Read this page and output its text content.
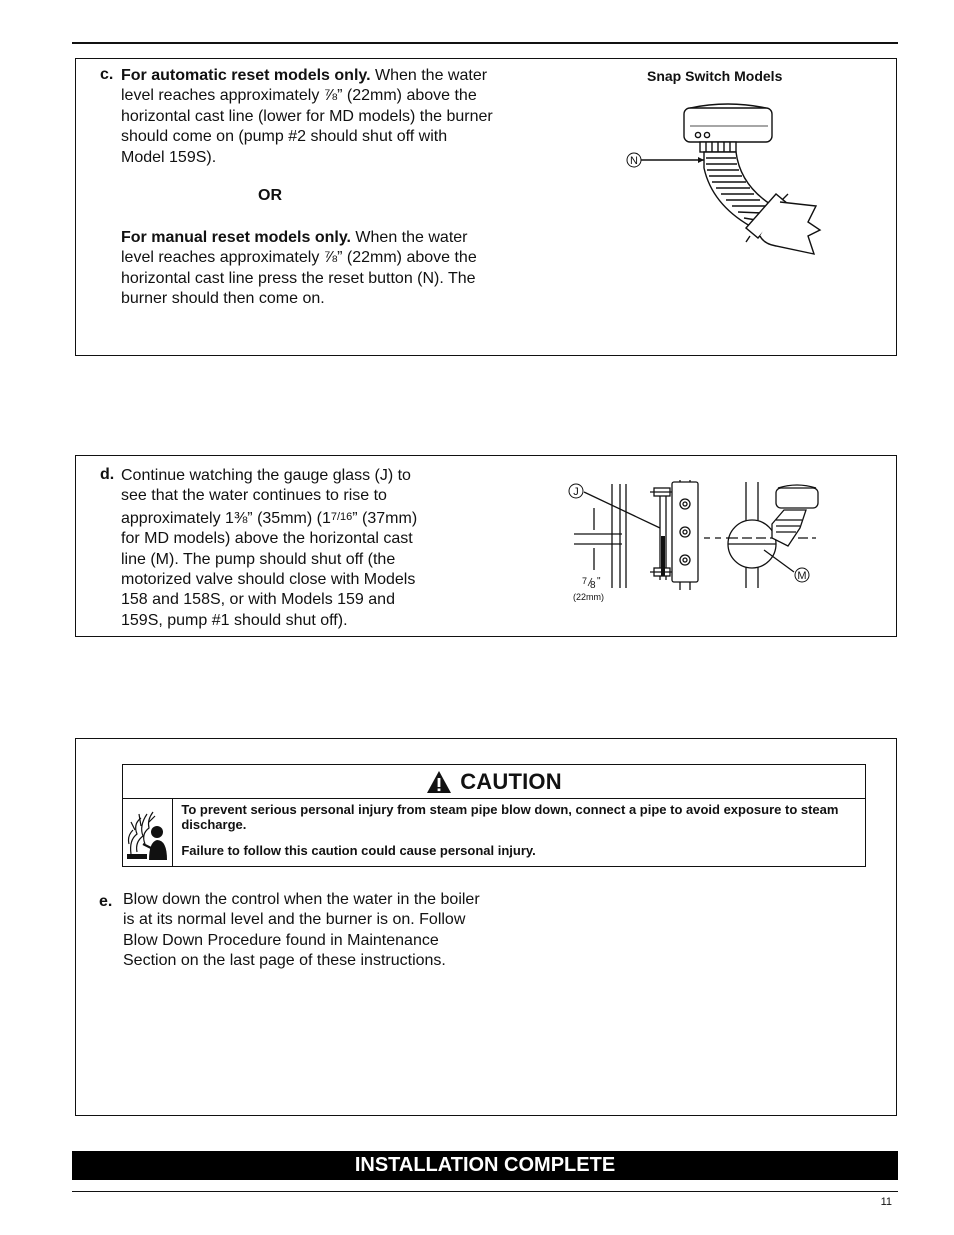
c. For automatic reset models only. When the water
level reaches approximately ⅞” (22mm) above the
horizontal cast line (lower for MD models) the burner
should come on (pump #2 should shut off with
Model 159S).
OR
For manual reset models only. When the water
level reaches approximately ⅞” (22mm) above the
horizontal cast line press the reset button (N). The
burner should then come on.
Snap Switch Models
N
d. Continue watching the gauge glass (J) to
see that the water continues to rise to
approximately 1⅜” (35mm) (17/16” (37mm)
for MD models) above the horizontal cast
line (M). The pump should shut off (the
motorized valve should close with Models
158 and 158S, or with Models 159 and
159S, pump #1 should shut off).
J
M
7 8 "
(22mm)
CAUTION

To prevent serious personal injury from steam pipe blow down, connect a pipe to avoid exposure to steam discharge.

Failure to follow this caution could cause personal injury.

e. Blow down the control when the water in the boiler
is at its normal level and the burner is on. Follow
Blow Down Procedure found in Maintenance
Section on the last page of these instructions.
INSTALLATION COMPLETE
11
